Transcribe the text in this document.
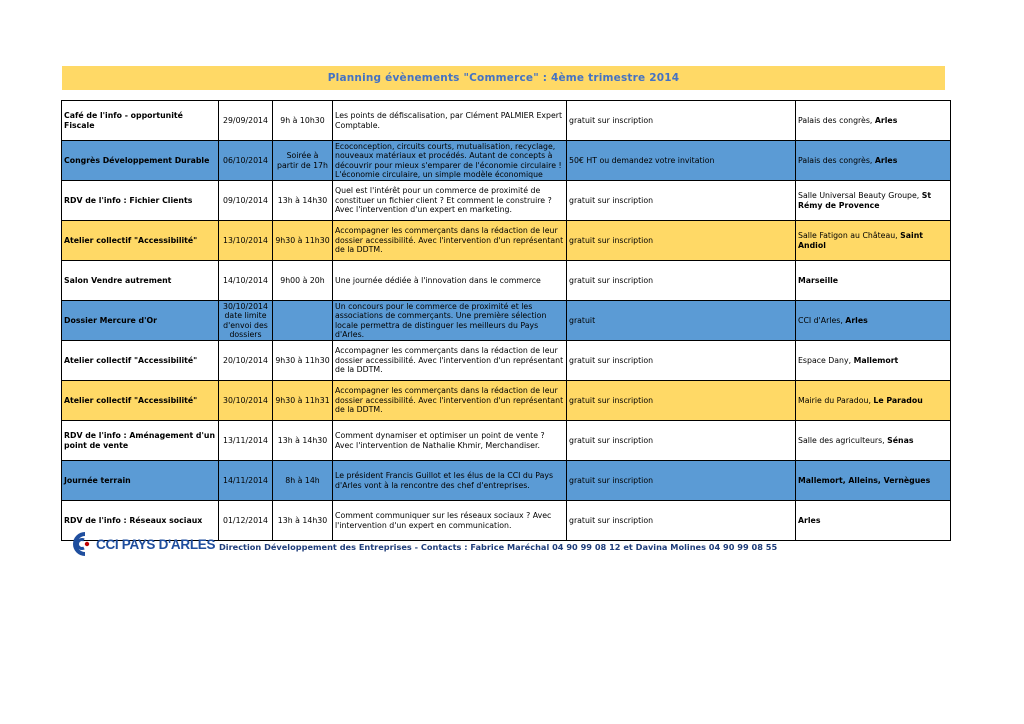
Planning évènements "Commerce" : 4ème trimestre 2014
Café de l'info - opportunité Fiscale	29/09/2014	9h à 10h30	Les points de défiscalisation, par Clément PALMIER Expert Comptable.	gratuit sur inscription	Palais des congrès, Arles
Congrès Développement Durable	06/10/2014	Soirée à partir de 17h	Ecoconception, circuits courts, mutualisation, recyclage, nouveaux matériaux et procédés. Autant de concepts à découvrir pour mieux s'emparer de l'économie circulaire ! L'économie circulaire, un simple modèle économique	50€ HT ou demandez votre invitation	Palais des congrès, Arles
RDV de l'info : Fichier Clients	09/10/2014	13h à 14h30	Quel est l'intérêt pour un commerce de proximité de constituer un fichier client ? Et comment le construire ? Avec l'intervention d'un expert en marketing.	gratuit sur inscription	Salle Universal Beauty Groupe, St Rémy de Provence
Atelier collectif "Accessibilité"	13/10/2014	9h30 à 11h30	Accompagner les commerçants dans la rédaction de leur dossier accessibilité. Avec l'intervention d'un représentant de la DDTM.	gratuit sur inscription	Salle Fatigon au Château, Saint Andiol
Salon Vendre autrement	14/10/2014	9h00 à 20h	Une journée dédiée à l'innovation dans le commerce	gratuit sur inscription	Marseille
Dossier Mercure d'Or	30/10/2014 date limite d'envoi des dossiers		Un concours pour le commerce de proximité et les associations de commerçants. Une première sélection locale permettra de distinguer les meilleurs du Pays d'Arles.	gratuit	CCI d'Arles, Arles
Atelier collectif "Accessibilité"	20/10/2014	9h30 à 11h30	Accompagner les commerçants dans la rédaction de leur dossier accessibilité. Avec l'intervention d'un représentant de la DDTM.	gratuit sur inscription	Espace Dany, Mallemort
Atelier collectif "Accessibilité"	30/10/2014	9h30 à 11h31	Accompagner les commerçants dans la rédaction de leur dossier accessibilité. Avec l'intervention d'un représentant de la DDTM.	gratuit sur inscription	Mairie du Paradou, Le Paradou
RDV de l'info : Aménagement d'un point de vente	13/11/2014	13h à 14h30	Comment dynamiser et optimiser un point de vente ? Avec l'intervention de Nathalie Khmir, Merchandiser.	gratuit sur inscription	Salle des agriculteurs, Sénas
Journée terrain	14/11/2014	8h à 14h	Le président Francis Guillot et les élus de la CCI du Pays d'Arles vont à la rencontre des chef d'entreprises.	gratuit sur inscription	Mallemort, Alleins, Vernègues
RDV de l'info : Réseaux sociaux	01/12/2014	13h à 14h30	Comment communiquer sur les réseaux sociaux ? Avec l'intervention d'un expert en communication.	gratuit sur inscription	Arles
CCI PAYS D'ARLES Direction Développement des Entreprises - Contacts : Fabrice Maréchal 04 90 99 08 12 et Davina Molines 04 90 99 08 55
